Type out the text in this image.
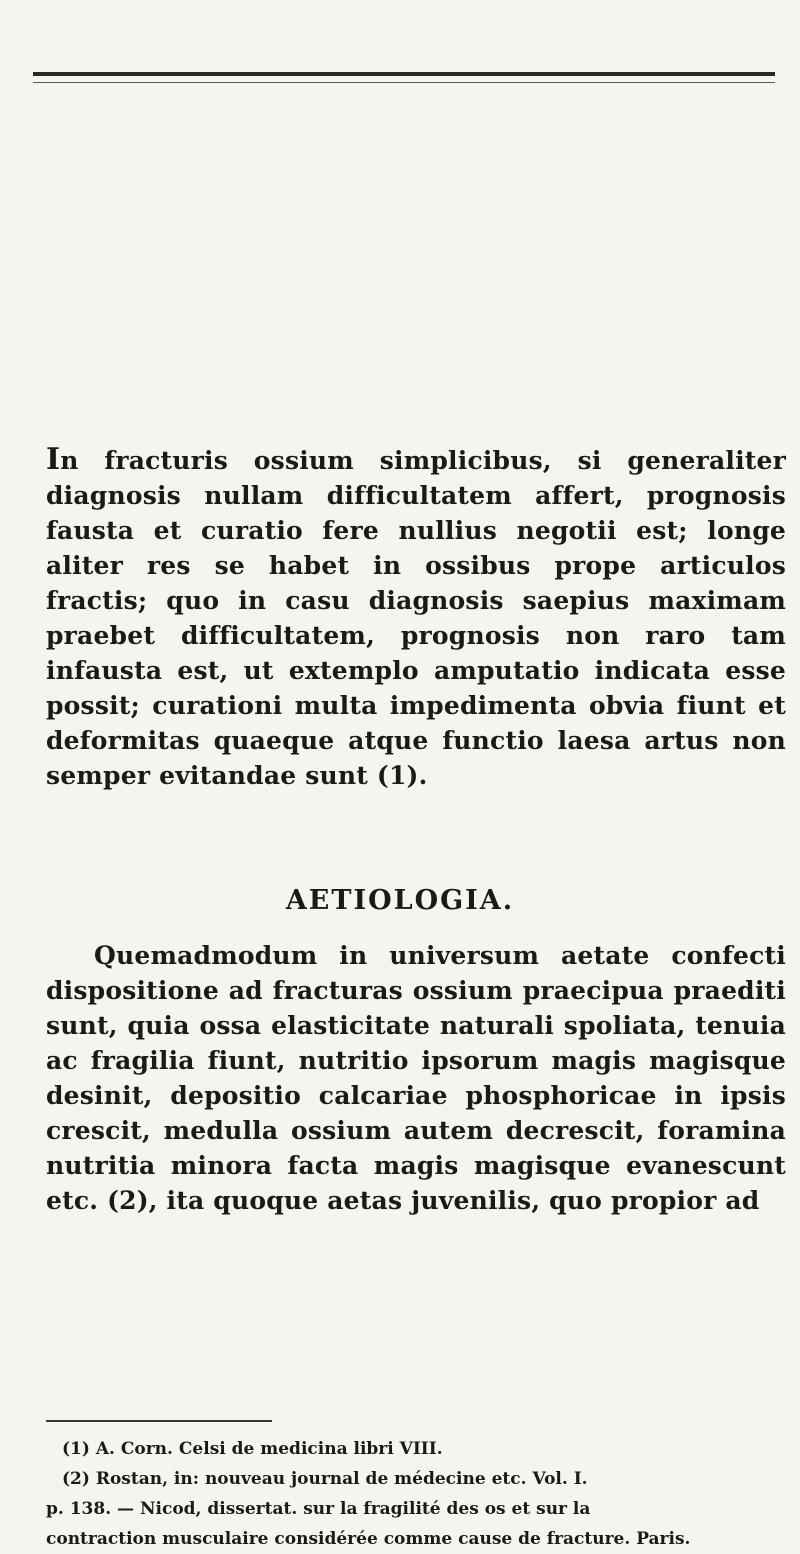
In fracturis ossium simplicibus, si generaliter diagnosis nullam difficultatem affert, prognosis fausta et curatio fere nullius negotii est; longe aliter res se habet in ossibus prope articulos fractis; quo in casu diagnosis saepius maximam praebet difficultatem, prognosis non raro tam infausta est, ut extemplo amputatio indicata esse possit; curationi multa impedimenta obvia fiunt et deformitas quaeque atque functio laesa artus non semper evitandae sunt (1).

AETIOLOGIA.

Quemadmodum in universum aetate confecti dispositione ad fracturas ossium praecipua praediti sunt, quia ossa elasticitate naturali spoliata, tenuia ac fragilia fiunt, nutritio ipsorum magis magisque desinit, depositio calcariae phosphoricae in ipsis crescit, medulla ossium autem decrescit, foramina nutritia minora facta magis magisque evanescunt etc. (2), ita quoque aetas juvenilis, quo propior ad

(1) A. Corn. Celsi de medicina libri VIII.

(2) Rostan, in: nouveau journal de médecine etc. Vol. I.

p. 138. — Nicod, dissertat. sur la fragilité des os et sur la

contraction musculaire considérée comme cause de fracture. Paris.
